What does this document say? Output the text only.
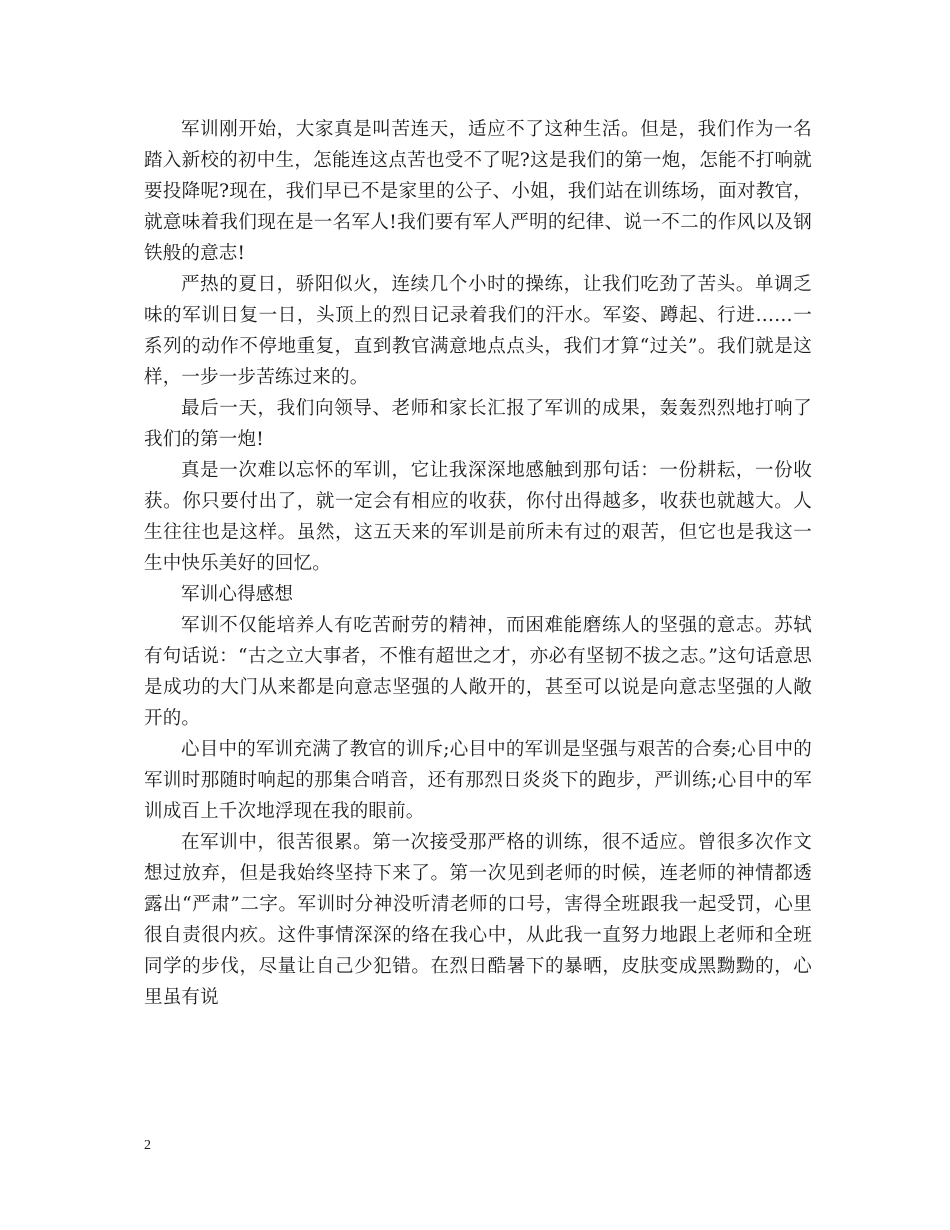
军训刚开始，大家真是叫苦连天，适应不了这种生活。但是，我们作为一名踏入新校的初中生，怎能连这点苦也受不了呢?这是我们的第一炮，怎能不打响就要投降呢?现在，我们早已不是家里的公子、小姐，我们站在训练场，面对教官，就意味着我们现在是一名军人!我们要有军人严明的纪律、说一不二的作风以及钢铁般的意志!

严热的夏日，骄阳似火，连续几个小时的操练，让我们吃劲了苦头。单调乏味的军训日复一日，头顶上的烈日记录着我们的汗水。军姿、蹲起、行进……一系列的动作不停地重复，直到教官满意地点点头，我们才算“过关”。我们就是这样，一步一步苦练过来的。

最后一天，我们向领导、老师和家长汇报了军训的成果，轰轰烈烈地打响了我们的第一炮!

真是一次难以忘怀的军训，它让我深深地感触到那句话：一份耕耘，一份收获。你只要付出了，就一定会有相应的收获，你付出得越多，收获也就越大。人生往往也是这样。虽然，这五天来的军训是前所未有过的艰苦，但它也是我这一生中快乐美好的回忆。

军训心得感想

军训不仅能培养人有吃苦耐劳的精神，而困难能磨练人的坚强的意志。苏轼有句话说：“古之立大事者，不惟有超世之才，亦必有坚韧不拔之志。”这句话意思是成功的大门从来都是向意志坚强的人敞开的，甚至可以说是向意志坚强的人敞开的。

心目中的军训充满了教官的训斥;心目中的军训是坚强与艰苦的合奏;心目中的军训时那随时响起的那集合哨音，还有那烈日炎炎下的跑步，严训练;心目中的军训成百上千次地浮现在我的眼前。

在军训中，很苦很累。第一次接受那严格的训练，很不适应。曾很多次作文想过放弃，但是我始终坚持下来了。第一次见到老师的时候，连老师的神情都透露出“严肃”二字。军训时分神没听清老师的口号，害得全班跟我一起受罚，心里很自责很内疚。这件事情深深的络在我心中，从此我一直努力地跟上老师和全班同学的步伐，尽量让自己少犯错。在烈日酷暑下的暴晒，皮肤变成黑黝黝的，心里虽有说

2
